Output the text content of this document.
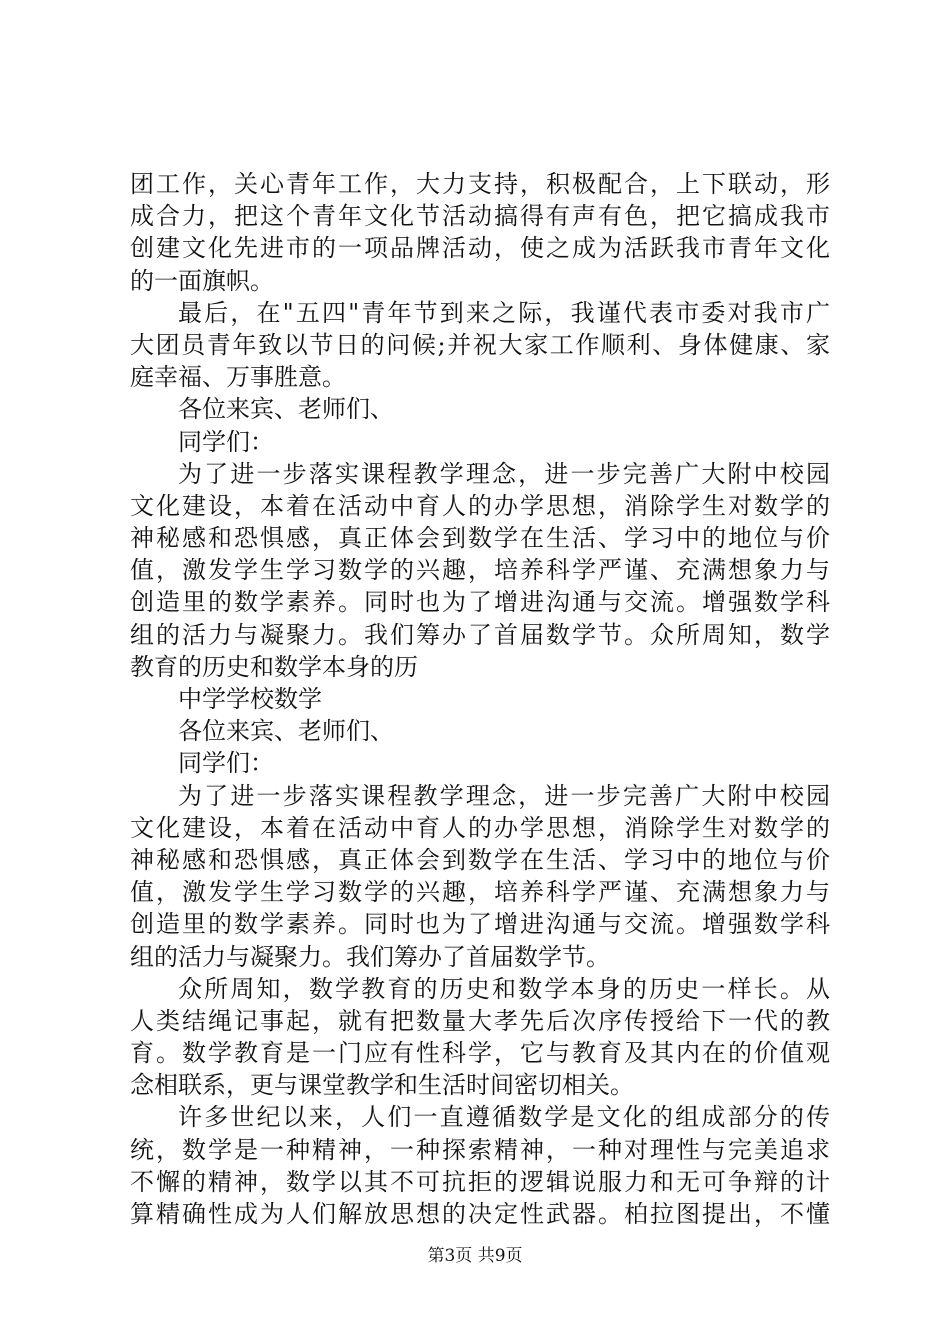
团工作，关心青年工作，大力支持，积极配合，上下联动，形
成合力，把这个青年文化节活动搞得有声有色，把它搞成我市
创建文化先进市的一项品牌活动，使之成为活跃我市青年文化
的一面旗帜。
最后，在"五四"青年节到来之际，我谨代表市委对我市广
大团员青年致以节日的问候;并祝大家工作顺利、身体健康、家
庭幸福、万事胜意。
各位来宾、老师们、
同学们：
为了进一步落实课程教学理念，进一步完善广大附中校园
文化建设，本着在活动中育人的办学思想，消除学生对数学的
神秘感和恐惧感，真正体会到数学在生活、学习中的地位与价
值，激发学生学习数学的兴趣，培养科学严谨、充满想象力与
创造里的数学素养。同时也为了增进沟通与交流。增强数学科
组的活力与凝聚力。我们筹办了首届数学节。众所周知，数学
教育的历史和数学本身的历
中学学校数学
各位来宾、老师们、
同学们：
为了进一步落实课程教学理念，进一步完善广大附中校园
文化建设，本着在活动中育人的办学思想，消除学生对数学的
神秘感和恐惧感，真正体会到数学在生活、学习中的地位与价
值，激发学生学习数学的兴趣，培养科学严谨、充满想象力与
创造里的数学素养。同时也为了增进沟通与交流。增强数学科
组的活力与凝聚力。我们筹办了首届数学节。
众所周知，数学教育的历史和数学本身的历史一样长。从
人类结绳记事起，就有把数量大孝先后次序传授给下一代的教
育。数学教育是一门应有性科学，它与教育及其内在的价值观
念相联系，更与课堂教学和生活时间密切相关。
许多世纪以来，人们一直遵循数学是文化的组成部分的传
统，数学是一种精神，一种探索精神，一种对理性与完美追求
不懈的精神，数学以其不可抗拒的逻辑说服力和无可争辩的计
算精确性成为人们解放思想的决定性武器。柏拉图提出，不懂
第3页 共9页
